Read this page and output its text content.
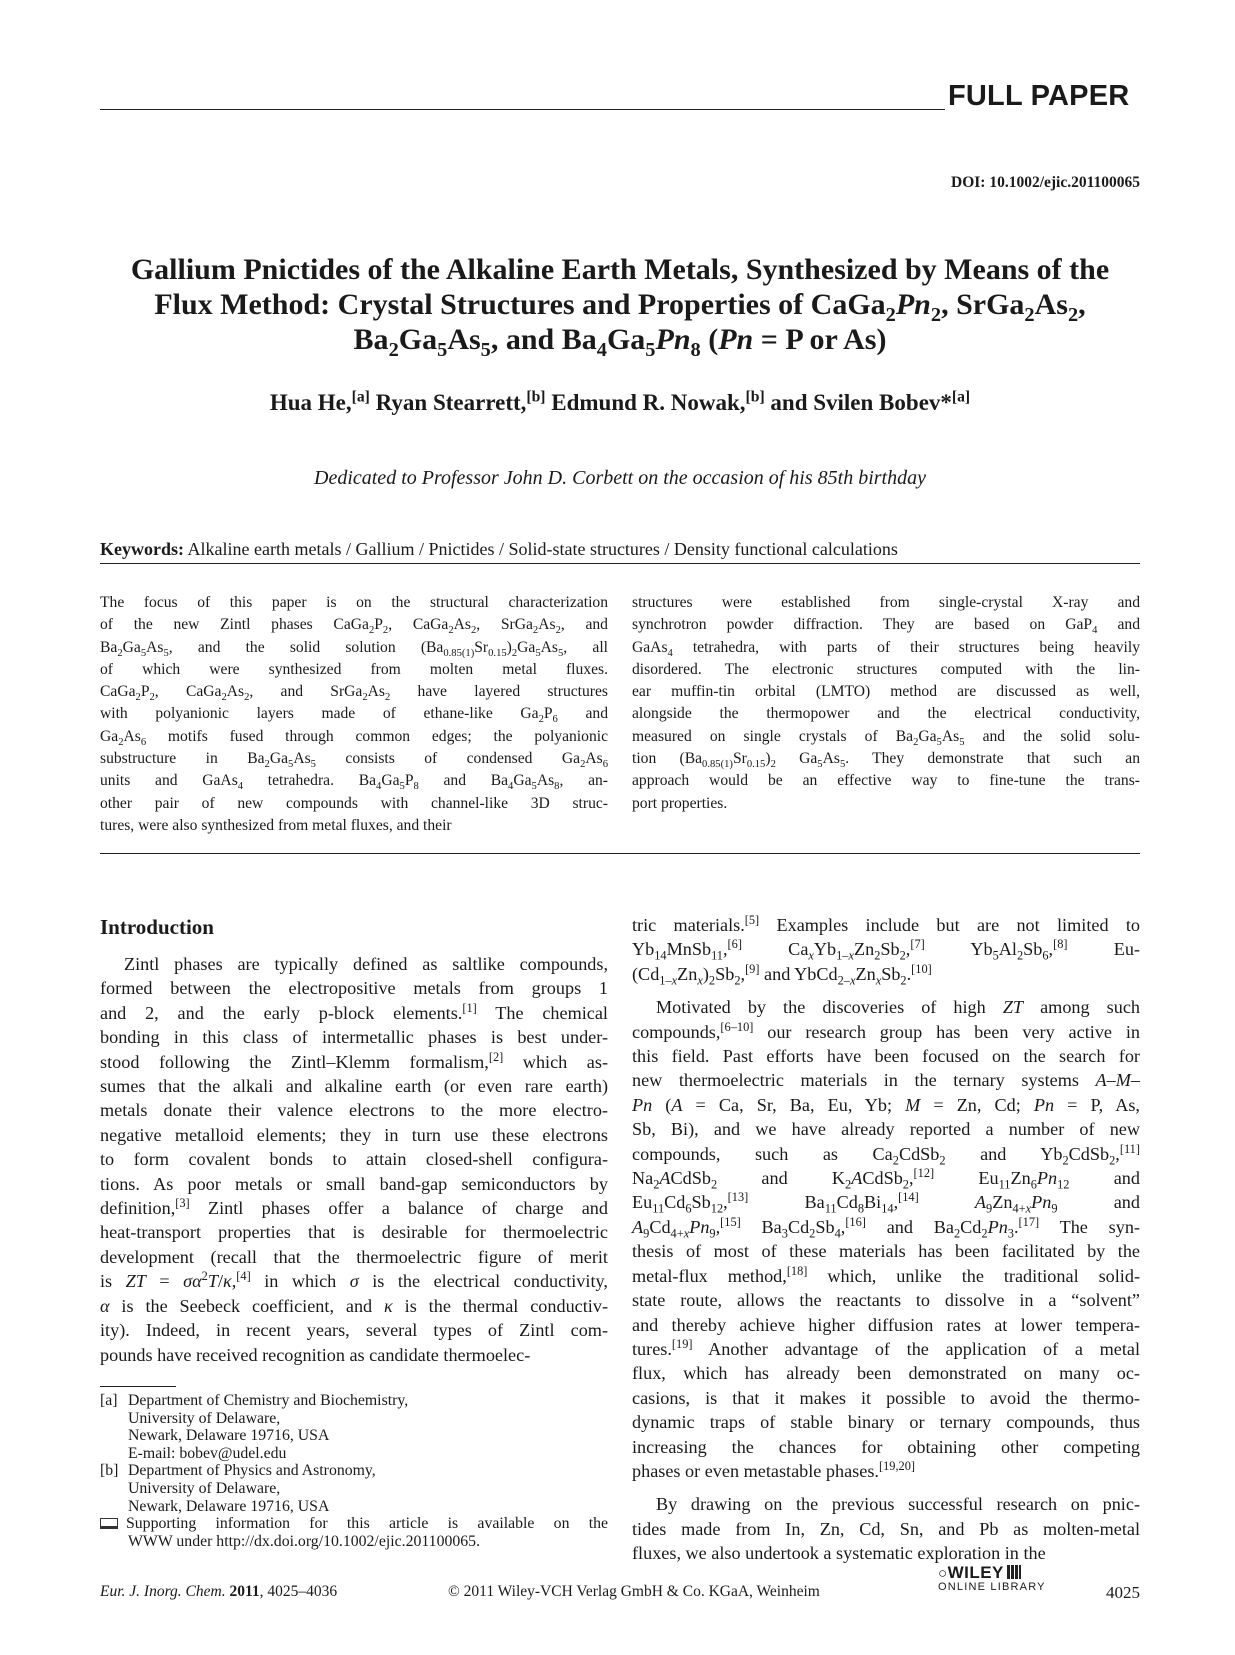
FULL PAPER
DOI: 10.1002/ejic.201100065
Gallium Pnictides of the Alkaline Earth Metals, Synthesized by Means of the
Flux Method: Crystal Structures and Properties of $CaGa_2Pn_2$, $SrGa_2As_2$,
$Ba_2Ga_5As_5$, and $Ba_4Ga_5Pn_8$ (Pn = P or As)
Hua He,[a] Ryan Stearrett,[b] Edmund R. Nowak,[b] and Svilen Bobev*[a]
Dedicated to Professor John D. Corbett on the occasion of his 85th birthday
Keywords: Alkaline earth metals / Gallium / Pnictides / Solid-state structures / Density functional calculations
The focus of this paper is on the structural characterization
of the new Zintl phases $CaGa_2P_2$, $CaGa_2As_2$, $SrGa_2As_2$, and
$Ba_2Ga_5As_5$, and the solid solution $(Ba_{0.85(1)}Sr_{0.15})_2Ga_5As_5$, all
of which were synthesized from molten metal fluxes.
$CaGa_2P_2$, $CaGa_2As_2$, and $SrGa_2As_2$ have layered structures
with polyanionic layers made of ethane-like $Ga_2P_6$ and
$Ga_2As_6$ motifs fused through common edges; the polyanionic
substructure in $Ba_2Ga_5As_5$ consists of condensed $Ga_2As_6$
units and GaAs$_4$ tetrahedra. $Ba_4Ga_5P_8$ and $Ba_4Ga_5As_8$, an-
other pair of new compounds with channel-like 3D struc-
tures, were also synthesized from metal fluxes, and their
structures were established from single-crystal X-ray and
synchrotron powder diffraction. They are based on GaP$_4$ and
GaAs$_4$ tetrahedra, with parts of their structures being heavily
disordered. The electronic structures computed with the lin-
ear muffin-tin orbital (LMTO) method are discussed as well,
alongside the thermopower and the electrical conductivity,
measured on single crystals of $Ba_2Ga_5As_5$ and the solid solu-
tion $(Ba_{0.85(1)}Sr_{0.15})_2$ $Ga_5As_5$. They demonstrate that such an
approach would be an effective way to fine-tune the trans-
port properties.
Introduction
Zintl phases are typically defined as saltlike compounds,
formed between the electropositive metals from groups 1
and 2, and the early p-block elements.[1] The chemical
bonding in this class of intermetallic phases is best under-
stood following the Zintl–Klemm formalism,[2] which as-
sumes that the alkali and alkaline earth (or even rare earth)
metals donate their valence electrons to the more electro-
negative metalloid elements; they in turn use these electrons
to form covalent bonds to attain closed-shell configura-
tions. As poor metals or small band-gap semiconductors by
definition,[3] Zintl phases offer a balance of charge and
heat-transport properties that is desirable for thermoelectric
development (recall that the thermoelectric figure of merit
is ZT = $\sigma\alpha^2T/\kappa,[4]$ in which σ is the electrical conductivity,
α is the Seebeck coefficient, and κ is the thermal conductiv-
ity). Indeed, in recent years, several types of Zintl com-
pounds have received recognition as candidate thermoelec-
tric materials.[5] Examples include but are not limited to
$Yb_{14}MnSb_{11},[6]$ $Ca_xYb_{1-x}Zn_2Sb_2,[7]$ $Yb_5Al_2Sb_6,[8]$ Eu-
$(Cd_{1-x}Zn_x)_2Sb_2,[9]$ and $YbCd_{2-x}Zn_xSb_2.[10]$
Motivated by the discoveries of high ZT among such
compounds,[6–10] our research group has been very active in
this field. Past efforts have been focused on the search for
new thermoelectric materials in the ternary systems A–M–
Pn (A = Ca, Sr, Ba, Eu, Yb; M = Zn, Cd; Pn = P, As,
Sb, Bi), and we have already reported a number of new
compounds, such as $Ca_2CdSb_2$ and $Yb_2CdSb_2,[11]$
$Na_2ACdSb_2$ and $K_2ACdSb_2,[12]$ $Eu_{11}Zn_6Pn_{12}$ and
$Eu_{11}Cd_6Sb_{12},[13]$ $Ba_{11}Cd_8Bi_{14},[14]$	$A_9Zn_{4+x}Pn_9$ and
$A_9Cd_{4+x}Pn_9,[15]$ $Ba_3Cd_2Sb_4,[16]$ and $Ba_2Cd_2Pn_3.[17]$ The syn-
thesis of most of these materials has been facilitated by the
metal-flux method,[18] which, unlike the traditional solid-
state route, allows the reactants to dissolve in a “solvent”
and thereby achieve higher diffusion rates at lower tempera-
tures.[19] Another advantage of the application of a metal
flux, which has already been demonstrated on many oc-
casions, is that it makes it possible to avoid the thermo-
dynamic traps of stable binary or ternary compounds, thus
increasing the chances for obtaining other competing
phases or even metastable phases.[19,20]
By drawing on the previous successful research on pnic-
tides made from In, Zn, Cd, Sn, and Pb as molten-metal
fluxes, we also undertook a systematic exploration in the
[a] Department of Chemistry and Biochemistry,
University of Delaware,
Newark, Delaware 19716, USA
E-mail: bobev@udel.edu
[b] Department of Physics and Astronomy,
University of Delaware,
Newark, Delaware 19716, USA
Supporting information for this article is available on the
WWW under http://dx.doi.org/10.1002/ejic.201100065.
Eur. J. Inorg. Chem. 2011, 4025–4036	© 2011 Wiley-VCH Verlag GmbH & Co. KGaA, Weinheim
○WILEY
ONLINE LIBRARY	4025
